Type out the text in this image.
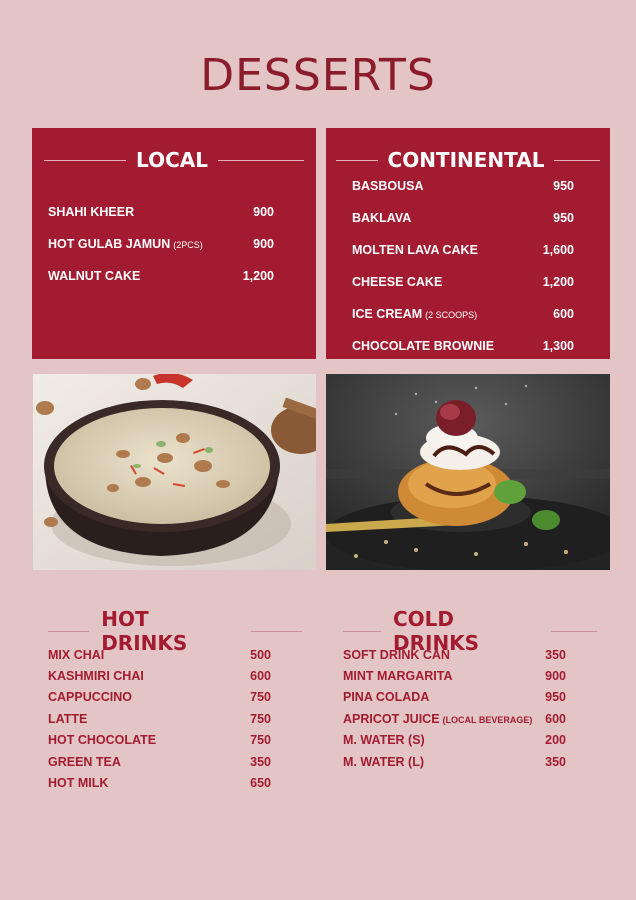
DESSERTS
LOCAL
SHAHI KHEER	900
HOT GULAB JAMUN (2PCS)	900
WALNUT CAKE	1,200
CONTINENTAL
BASBOUSA	950
BAKLAVA	950
MOLTEN LAVA CAKE	1,600
CHEESE CAKE	1,200
ICE CREAM (2 SCOOPS)	600
CHOCOLATE BROWNIE	1,300
HOT DRINKS
MIX CHAI	500
KASHMIRI CHAI	600
CAPPUCCINO	750
LATTE	750
HOT CHOCOLATE	750
GREEN TEA	350
HOT MILK	650
COLD DRINKS
SOFT DRINK CAN	350
MINT MARGARITA	900
PINA COLADA	950
APRICOT JUICE (LOCAL BEVERAGE) 600
M. WATER (S)	200
M. WATER (L)	350
